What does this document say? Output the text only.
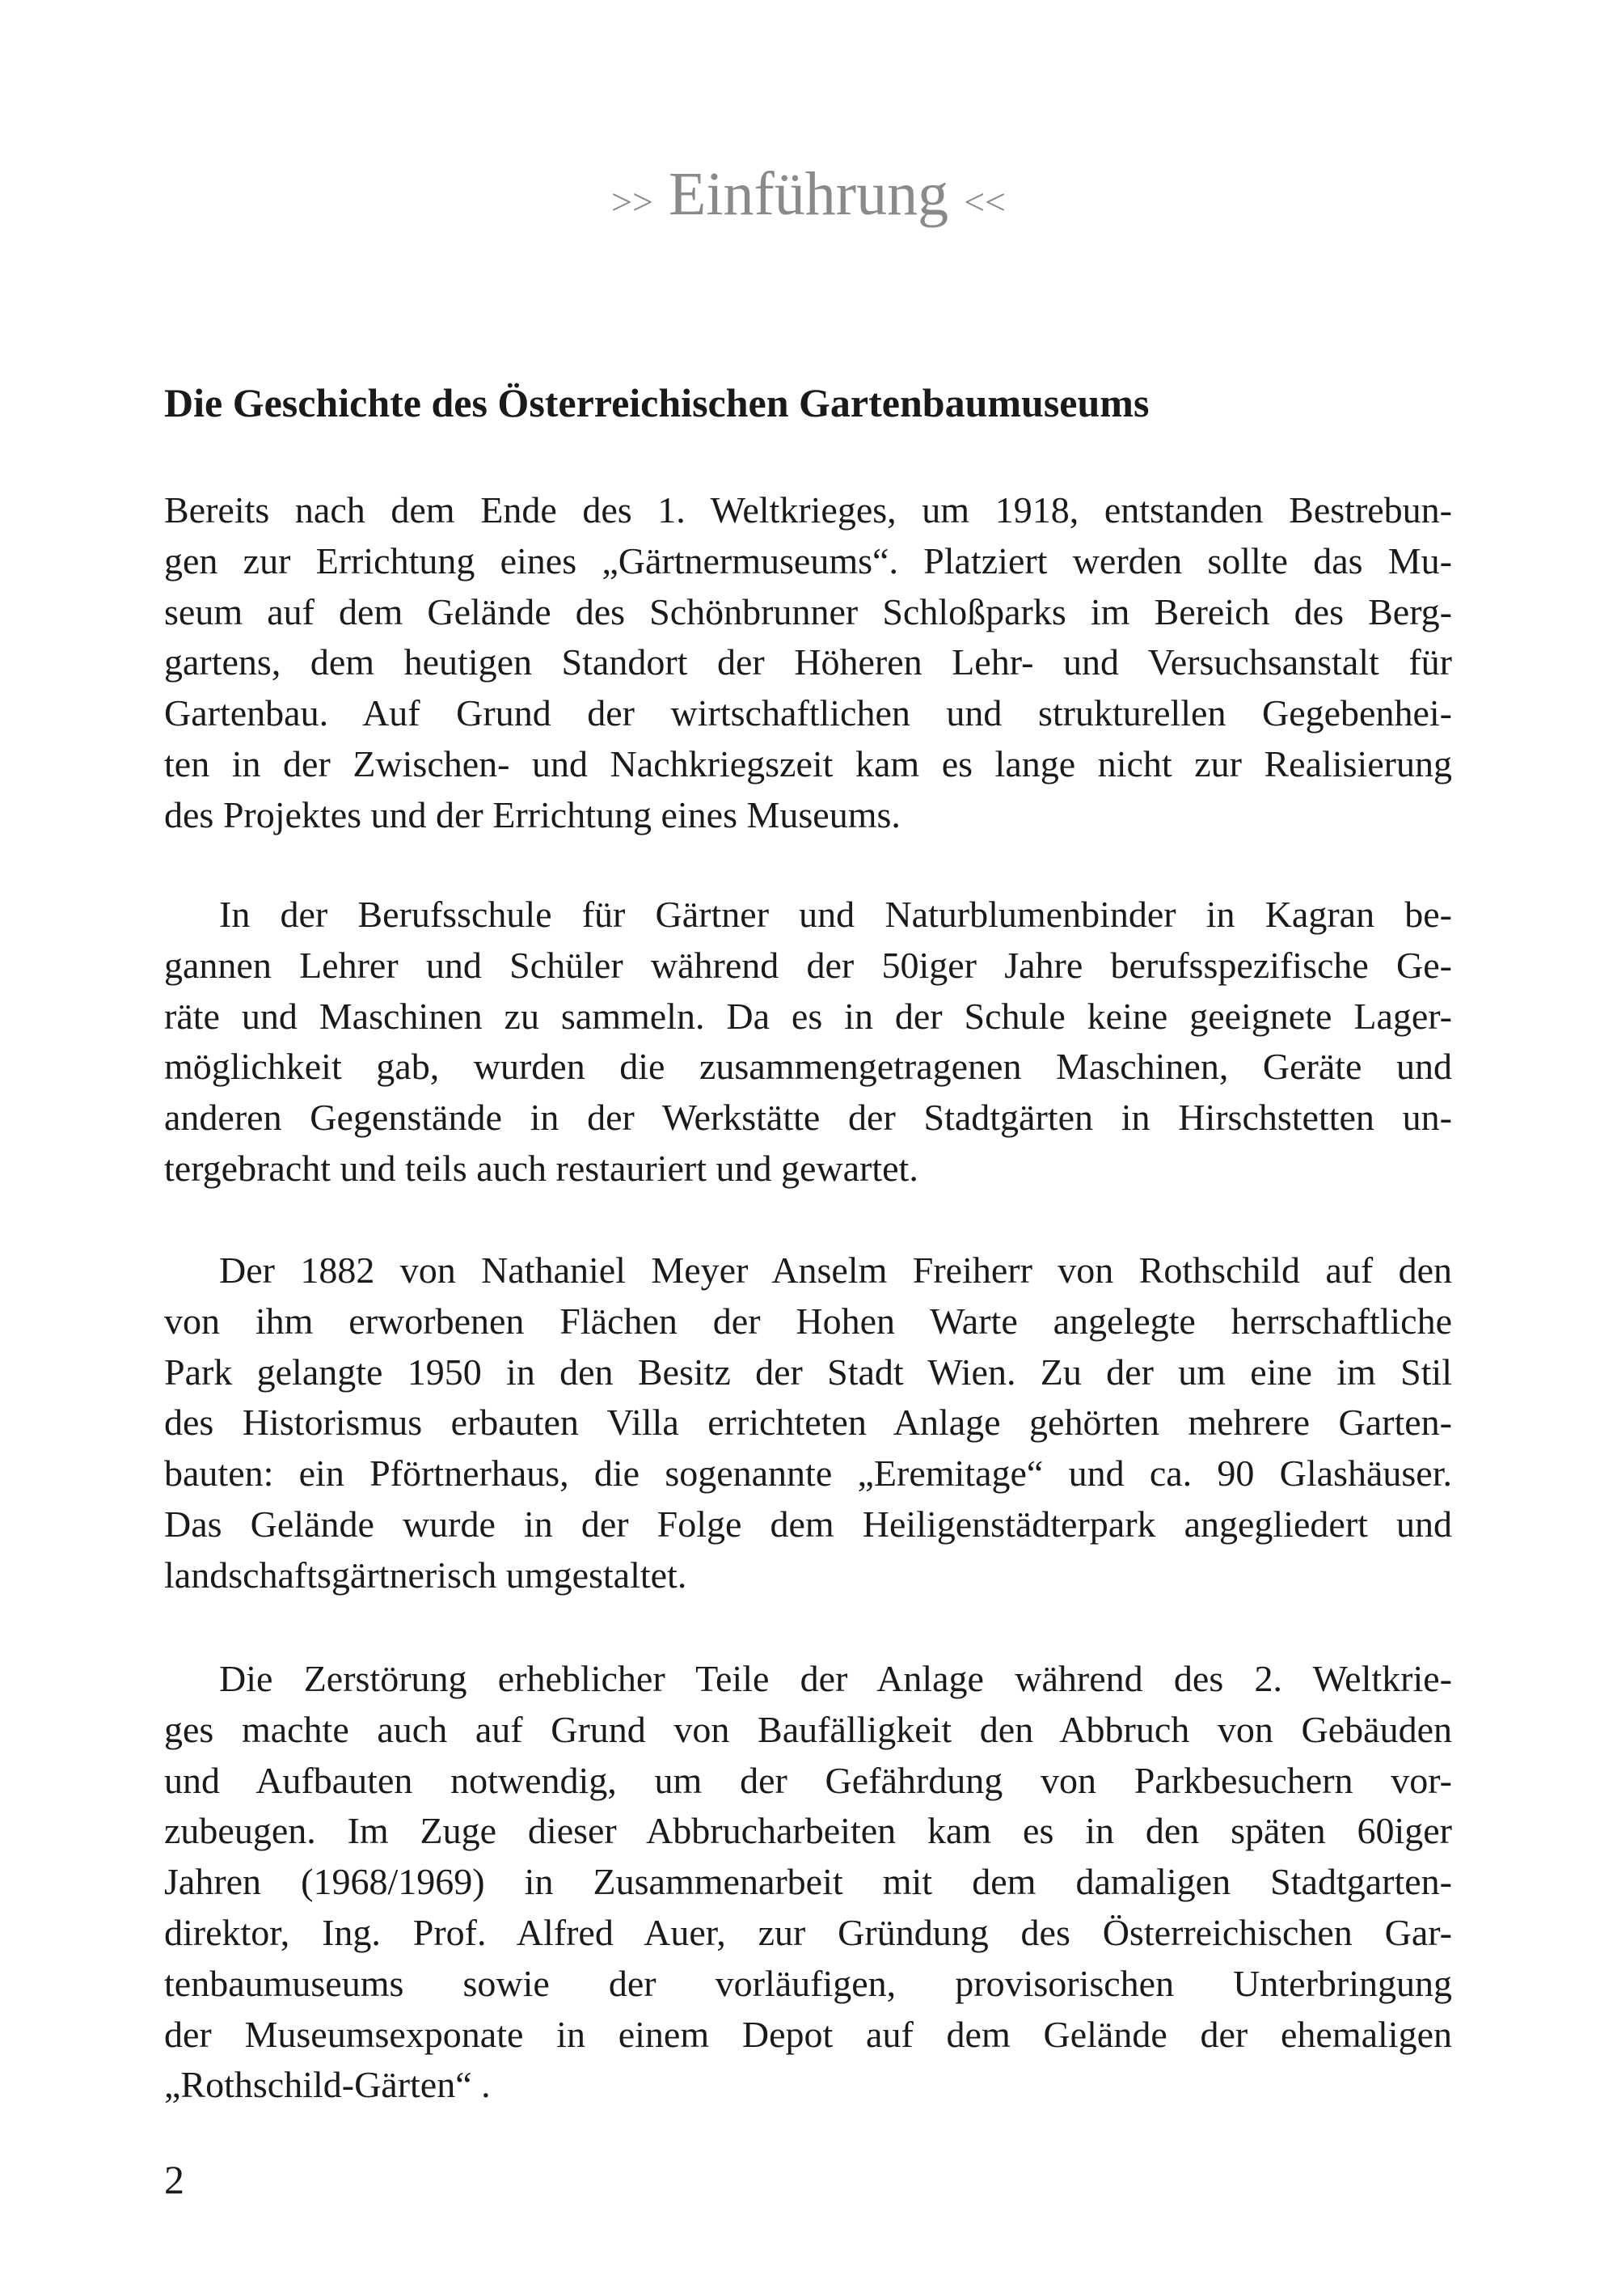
>> Einführung <<
Die Geschichte des Österreichischen Gartenbaumuseums
Bereits nach dem Ende des 1. Weltkrieges, um 1918, entstanden Bestrebun-
gen zur Errichtung eines „Gärtnermuseums“. Platziert werden sollte das Mu-
seum auf dem Gelände des Schönbrunner Schloßparks im Bereich des Berg-
gartens, dem heutigen Standort der Höheren Lehr- und Versuchsanstalt für
Gartenbau. Auf Grund der wirtschaftlichen und strukturellen Gegebenhei-
ten in der Zwischen- und Nachkriegszeit kam es lange nicht zur Realisierung
des Projektes und der Errichtung eines Museums.
In der Berufsschule für Gärtner und Naturblumenbinder in Kagran be-
gannen Lehrer und Schüler während der 50iger Jahre berufsspezifische Ge-
räte und Maschinen zu sammeln. Da es in der Schule keine geeignete Lager-
möglichkeit gab, wurden die zusammengetragenen Maschinen, Geräte und
anderen Gegenstände in der Werkstätte der Stadtgärten in Hirschstetten un-
tergebracht und teils auch restauriert und gewartet.
Der 1882 von Nathaniel Meyer Anselm Freiherr von Rothschild auf den
von ihm erworbenen Flächen der Hohen Warte angelegte herrschaftliche
Park gelangte 1950 in den Besitz der Stadt Wien. Zu der um eine im Stil
des Historismus erbauten Villa errichteten Anlage gehörten mehrere Garten-
bauten: ein Pförtnerhaus, die sogenannte „Eremitage“ und ca. 90 Glashäuser.
Das Gelände wurde in der Folge dem Heiligenstädterpark angegliedert und
landschaftsgärtnerisch umgestaltet.
Die Zerstörung erheblicher Teile der Anlage während des 2. Weltkrie-
ges machte auch auf Grund von Baufälligkeit den Abbruch von Gebäuden
und Aufbauten notwendig, um der Gefährdung von Parkbesuchern vor-
zubeugen. Im Zuge dieser Abbrucharbeiten kam es in den späten 60iger
Jahren (1968/1969) in Zusammenarbeit mit dem damaligen Stadtgarten-
direktor, Ing. Prof. Alfred Auer, zur Gründung des Österreichischen Gar-
tenbaumuseums sowie der vorläufigen, provisorischen Unterbringung
der Museumsexponate in einem Depot auf dem Gelände der ehemaligen
„Rothschild-Gärten“ .
2
